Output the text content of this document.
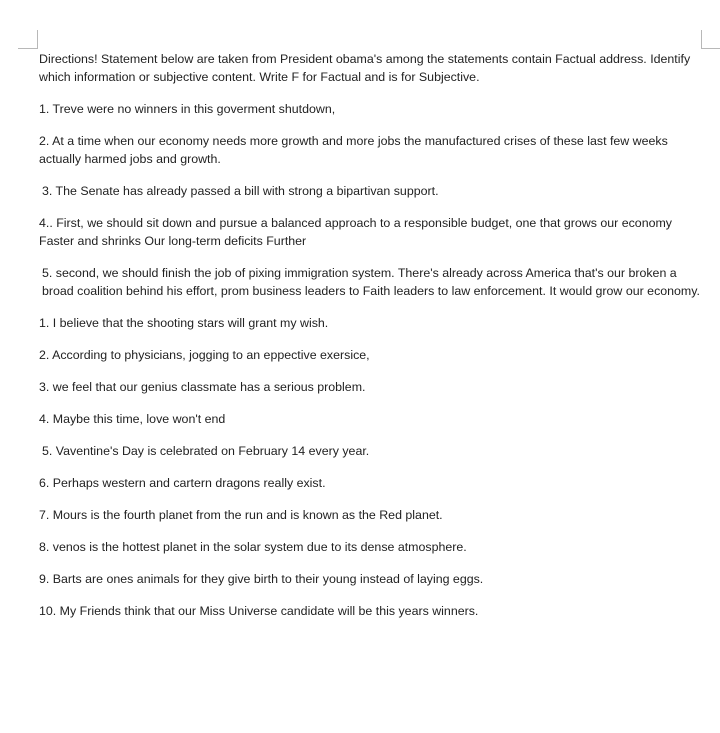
Directions! Statement below are taken from President obama's among the statements contain Factual address. Identify which information or subjective content. Write F for Factual and is for Subjective.

1. Treve were no winners in this goverment shutdown,

2. At a time when our economy needs more growth and more jobs the manufactured crises of these last few weeks actually harmed jobs and growth.

3. The Senate has already passed a bill with strong a bipartivan support.

4.. First, we should sit down and pursue a balanced approach to a responsible budget, one that grows our economy Faster and shrinks Our long-term deficits Further

5. second, we should finish the job of pixing immigration system. There's already across America that's our broken a broad coalition behind his effort, prom business leaders to Faith leaders to law enforcement. It would grow our economy.

1. I believe that the shooting stars will grant my wish.

2. According to physicians, jogging to an eppective exersice,

3. we feel that our genius classmate has a serious problem.

4. Maybe this time, love won't end

5. Vaventine's Day is celebrated on February 14 every year.

6. Perhaps western and cartern dragons really exist.

7. Mours is the fourth planet from the run and is known as the Red planet.

8. venos is the hottest planet in the solar system due to its dense atmosphere.

9. Barts are ones animals for they give birth to their young instead of laying eggs.

10. My Friends think that our Miss Universe candidate will be this years winners.
